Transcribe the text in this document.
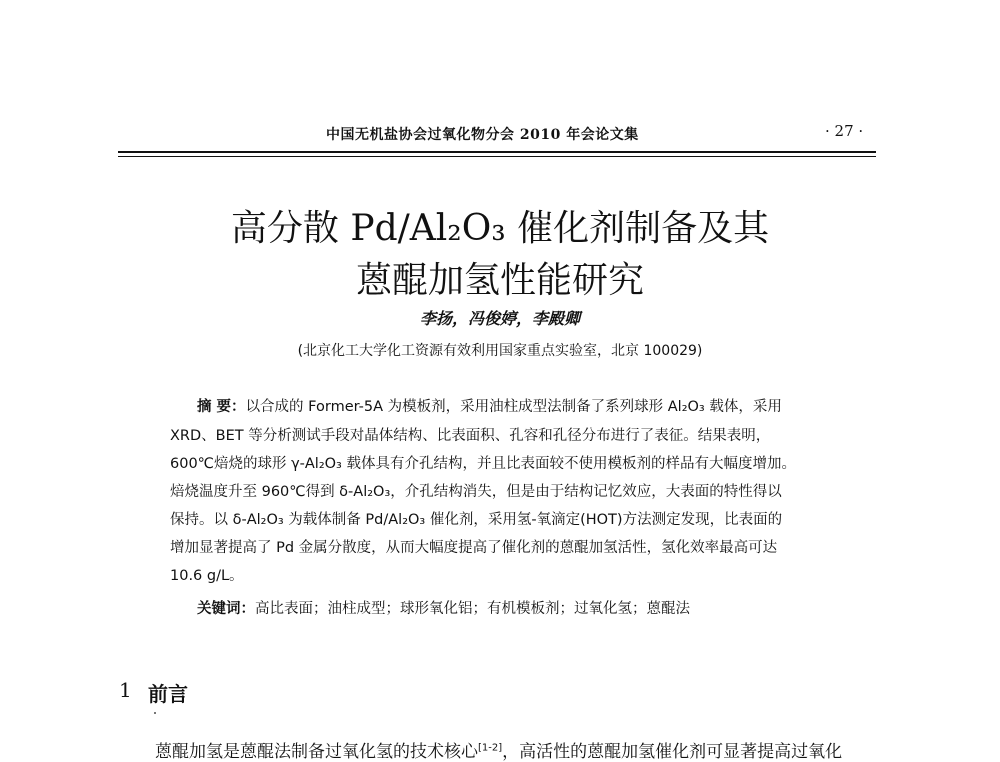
中国无机盐协会过氧化物分会 2010 年会论文集	· 27 ·
高分散 Pd/Al₂O₃ 催化剂制备及其
蒽醌加氢性能研究
李扬，冯俊婷，李殿卿
(北京化工大学化工资源有效利用国家重点实验室，北京 100029)
摘 要：以合成的 Former-5A 为模板剂，采用油柱成型法制备了系列球形 Al₂O₃ 载体，采用
XRD、BET 等分析测试手段对晶体结构、比表面积、孔容和孔径分布进行了表征。结果表明，
600℃焙烧的球形 γ-Al₂O₃ 载体具有介孔结构，并且比表面较不使用模板剂的样品有大幅度增加。
焙烧温度升至 960℃得到 δ-Al₂O₃，介孔结构消失，但是由于结构记忆效应，大表面的特性得以
保持。以 δ-Al₂O₃ 为载体制备 Pd/Al₂O₃ 催化剂，采用氢-氧滴定(HOT)方法测定发现，比表面的
增加显著提高了 Pd 金属分散度，从而大幅度提高了催化剂的蒽醌加氢活性，氢化效率最高可达
10.6 g/L。
关键词：高比表面；油柱成型；球形氧化铝；有机模板剂；过氧化氢；蒽醌法
1 前言
蒽醌加氢是蒽醌法制备过氧化氢的技术核心[1-2]，高活性的蒽醌加氢催化剂可显著提高过氧化
